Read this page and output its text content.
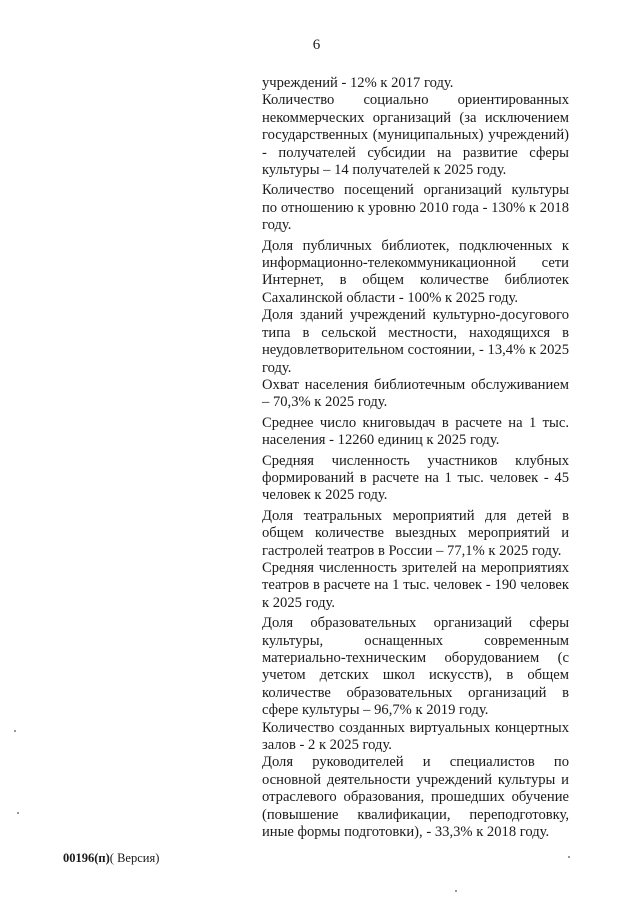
6

учреждений - 12% к 2017 году.

Количество социально ориентированных некоммерческих организаций (за исключением государственных (муниципальных) учреждений) - получателей субсидии на развитие сферы культуры – 14 получателей к 2025 году.

Количество посещений организаций культуры по отношению к уровню 2010 года - 130% к 2018 году.

Доля публичных библиотек, подключенных к информационно-телекоммуникационной сети Интернет, в общем количестве библиотек Сахалинской области - 100% к 2025 году.

Доля зданий учреждений культурно-досугового типа в сельской местности, находящихся в неудовлетворительном состоянии, - 13,4% к 2025 году.

Охват населения библиотечным обслуживанием – 70,3% к 2025 году.

Среднее число книговыдач в расчете на 1 тыс. населения - 12260 единиц к 2025 году.

Средняя численность участников клубных формирований в расчете на 1 тыс. человек - 45 человек к 2025 году.

Доля театральных мероприятий для детей в общем количестве выездных мероприятий и гастролей театров в России – 77,1% к 2025 году.

Средняя численность зрителей на мероприятиях театров в расчете на 1 тыс. человек - 190 человек к 2025 году.

Доля образовательных организаций сферы культуры, оснащенных современным материально-техническим оборудованием (с учетом детских школ искусств), в общем количестве образовательных организаций в сфере культуры – 96,7% к 2019 году.

Количество созданных виртуальных концертных залов - 2 к 2025 году.

Доля руководителей и специалистов по основной деятельности учреждений культуры и отраслевого образования, прошедших обучение (повышение квалификации, переподготовку, иные формы подготовки), - 33,3% к 2018 году.

00196(п)( Версия)
